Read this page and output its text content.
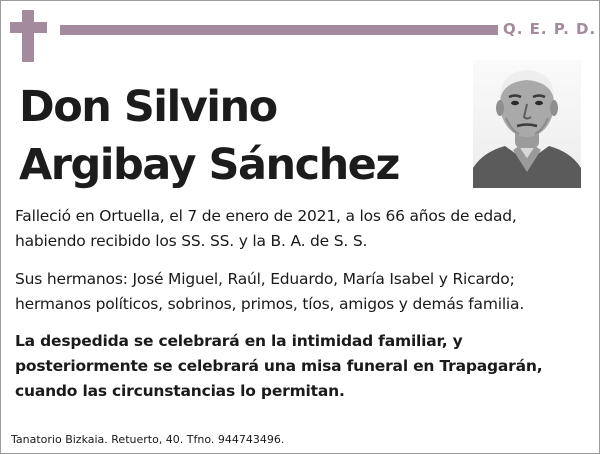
Q. E. P. D.
Don Silvino
Argibay Sánchez
Falleció en Ortuella, el 7 de enero de 2021, a los 66 años de edad,
habiendo recibido los SS. SS. y la B. A. de S. S.
Sus hermanos: José Miguel, Raúl, Eduardo, María Isabel y Ricardo;
hermanos políticos, sobrinos, primos, tíos, amigos y demás familia.
La despedida se celebrará en la intimidad familiar, y
posteriormente se celebrará una misa funeral en Trapagarán,
cuando las circunstancias lo permitan.
Tanatorio Bizkaia. Retuerto, 40. Tfno. 944743496.
